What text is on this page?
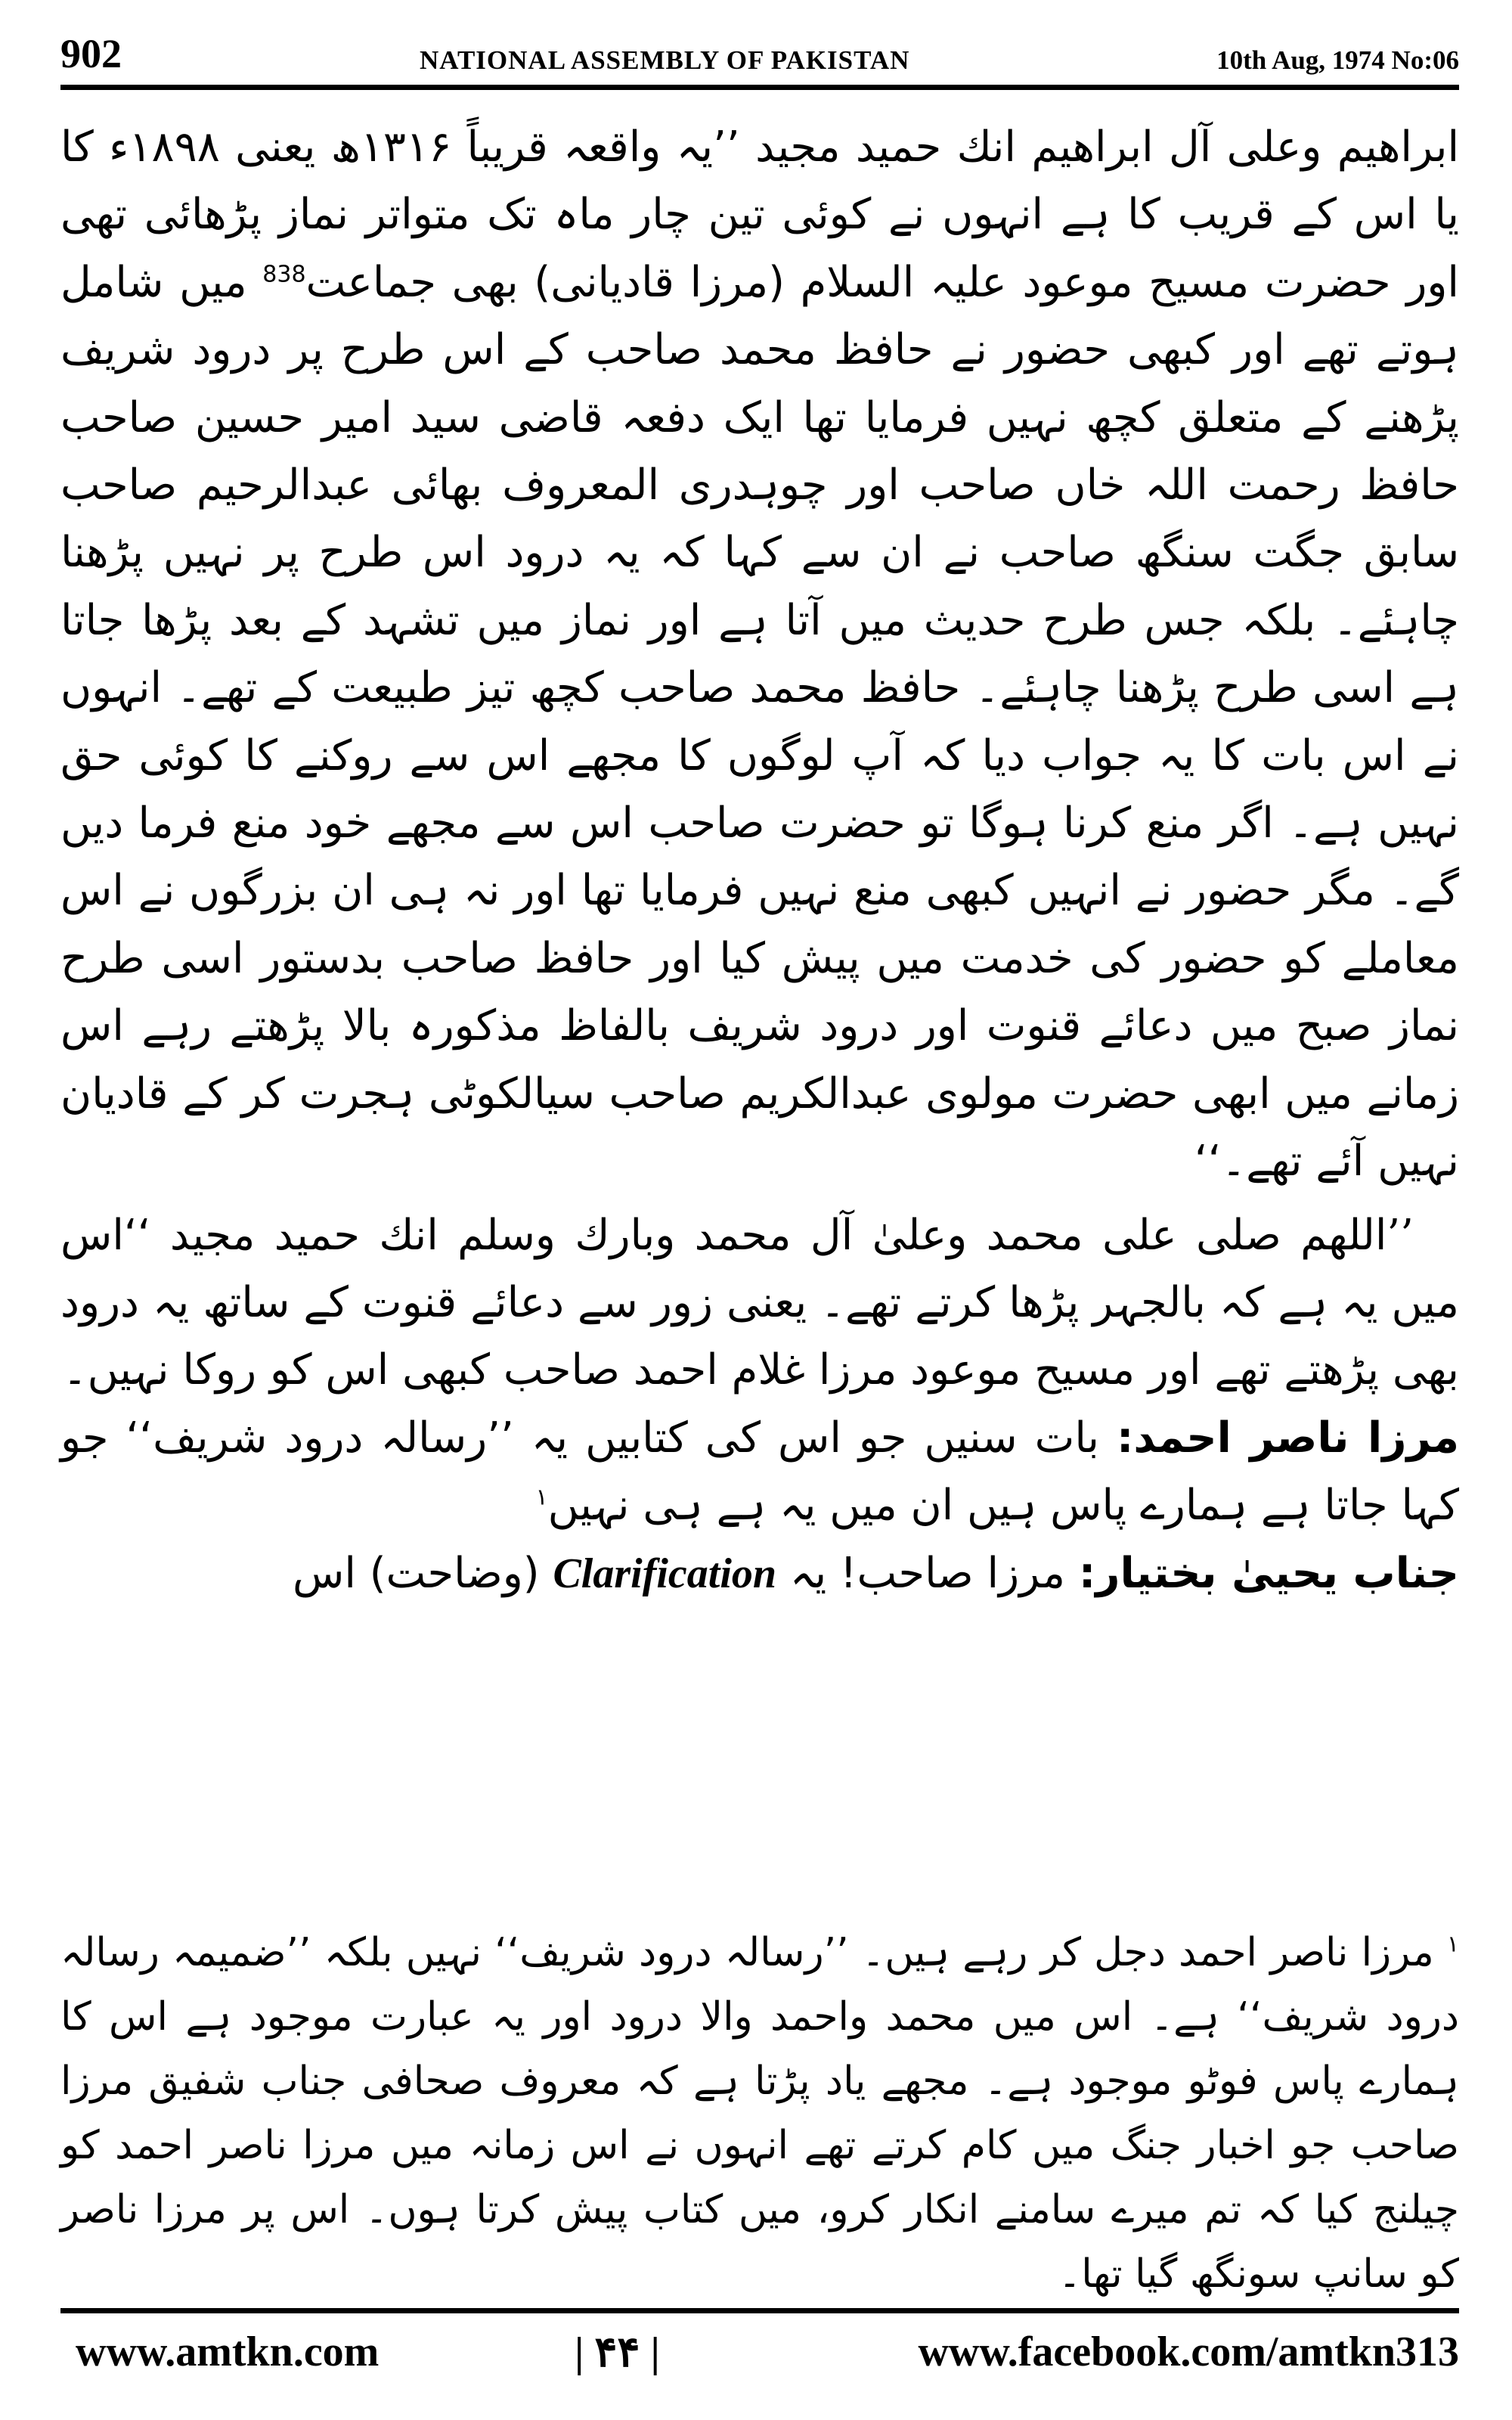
902	NATIONAL ASSEMBLY OF PAKISTAN	10th Aug, 1974 No:06

ابراھیم وعلی آل ابراھیم انك حمید مجید ’’یہ واقعہ قریباً ۱۳۱۶ھ یعنی ۱۸۹۸ء کا یا اس کے قریب کا ہے انہوں نے کوئی تین چار ماہ تک متواتر نماز پڑھائی تھی اور حضرت مسیح موعود علیہ السلام (مرزا قادیانی) بھی جماعت$^{838}$ میں شامل ہوتے تھے اور کبھی حضور نے حافظ محمد صاحب کے اس طرح پر درود شریف پڑھنے کے متعلق کچھ نہیں فرمایا تھا ایک دفعہ قاضی سید امیر حسین صاحب حافظ رحمت اللہ خاں صاحب اور چوہدری المعروف بھائی عبدالرحیم صاحب سابق جگت سنگھ صاحب نے ان سے کہا کہ یہ درود اس طرح پر نہیں پڑھنا چاہئے۔ بلکہ جس طرح حدیث میں آتا ہے اور نماز میں تشہد کے بعد پڑھا جاتا ہے اسی طرح پڑھنا چاہئے۔ حافظ محمد صاحب کچھ تیز طبیعت کے تھے۔ انہوں نے اس بات کا یہ جواب دیا کہ آپ لوگوں کا مجھے اس سے روکنے کا کوئی حق نہیں ہے۔ اگر منع کرنا ہوگا تو حضرت صاحب اس سے مجھے خود منع فرما دیں گے۔ مگر حضور نے انہیں کبھی منع نہیں فرمایا تھا اور نہ ہی ان بزرگوں نے اس معاملے کو حضور کی خدمت میں پیش کیا اور حافظ صاحب بدستور اسی طرح نماز صبح میں دعائے قنوت اور درود شریف بالفاظ مذکورہ بالا پڑھتے رہے اس زمانے میں ابھی حضرت مولوی عبدالکریم صاحب سیالکوٹی ہجرت کر کے قادیان نہیں آئے تھے۔‘‘

’’اللھم صلی علی محمد وعلیٰ آل محمد وبارك وسلم انك حمید مجید ‘‘اس میں یہ ہے کہ بالجہر پڑھا کرتے تھے۔ یعنی زور سے دعائے قنوت کے ساتھ یہ درود بھی پڑھتے تھے اور مسیح موعود مرزا غلام احمد صاحب کبھی اس کو روکا نہیں۔

مرزا ناصر احمد: بات سنیں جو اس کی کتابیں یہ ’’رسالہ درود شریف‘‘ جو کہا جاتا ہے ہمارے پاس ہیں ان میں یہ ہے ہی نہیں$^۱$

جناب یحییٰ بختیار: مرزا صاحب! یہ Clarification (وضاحت) اس

$^۱$ مرزا ناصر احمد دجل کر رہے ہیں۔ ’’رسالہ درود شریف‘‘ نہیں بلکہ ’’ضمیمہ رسالہ درود شریف‘‘ ہے۔ اس میں محمد واحمد والا درود اور یہ عبارت موجود ہے اس کا ہمارے پاس فوٹو موجود ہے۔ مجھے یاد پڑتا ہے کہ معروف صحافی جناب شفیق مرزا صاحب جو اخبار جنگ میں کام کرتے تھے انہوں نے اس زمانہ میں مرزا ناصر احمد کو چیلنج کیا کہ تم میرے سامنے انکار کرو، میں کتاب پیش کرتا ہوں۔ اس پر مرزا ناصر کو سانپ سونگھ گیا تھا۔

www.amtkn.com	| ۴۴ |	www.facebook.com/amtkn313
